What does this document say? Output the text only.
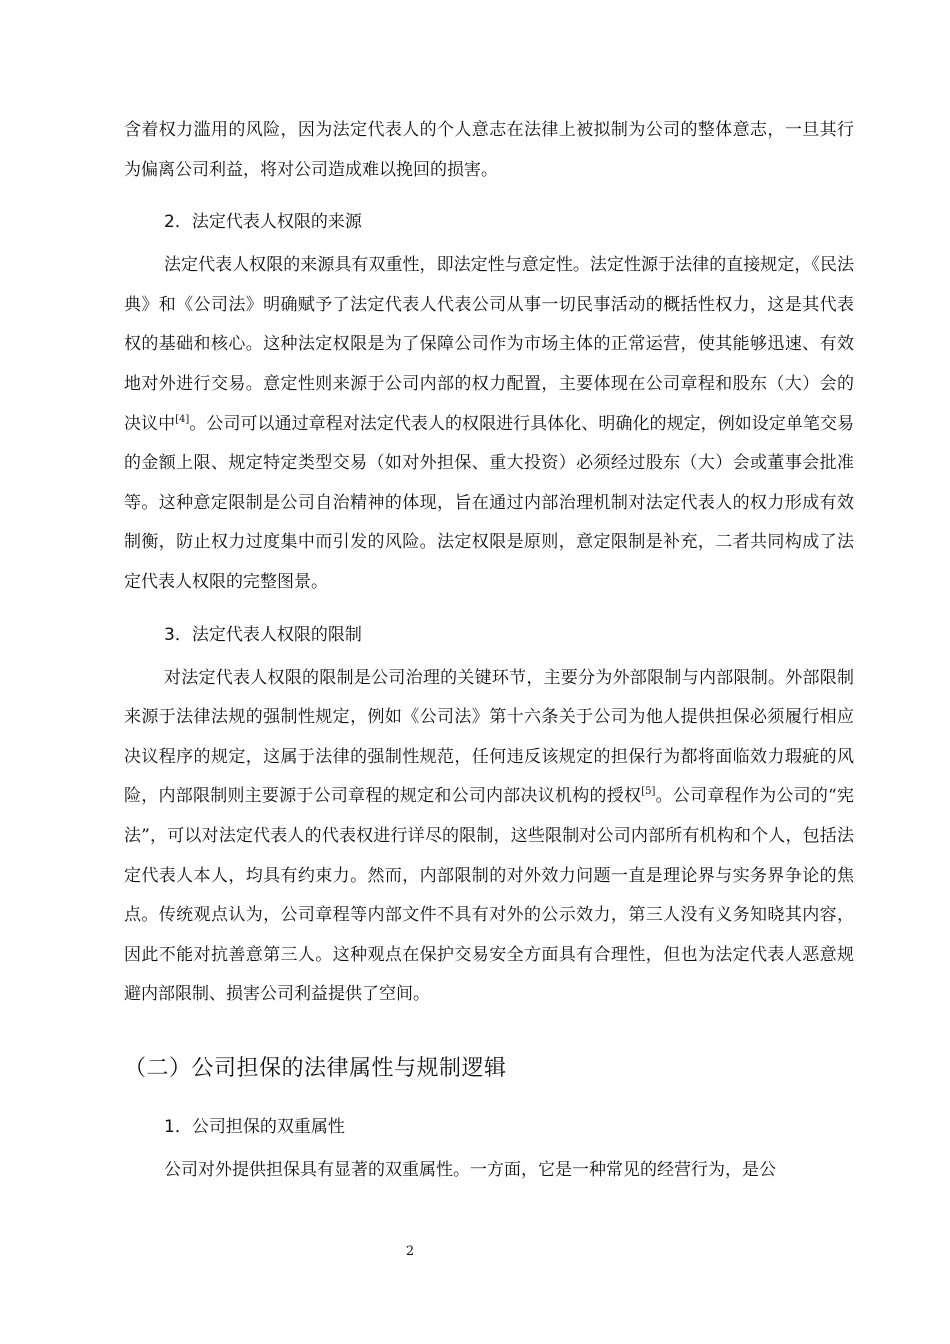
含着权力滥用的风险，因为法定代表人的个人意志在法律上被拟制为公司的整体意志，一旦其行为偏离公司利益，将对公司造成难以挽回的损害。

2．法定代表人权限的来源

法定代表人权限的来源具有双重性，即法定性与意定性。法定性源于法律的直接规定，《民法典》和《公司法》明确赋予了法定代表人代表公司从事一切民事活动的概括性权力，这是其代表权的基础和核心。这种法定权限是为了保障公司作为市场主体的正常运营，使其能够迅速、有效地对外进行交易。意定性则来源于公司内部的权力配置，主要体现在公司章程和股东（大）会的决议中[4]。公司可以通过章程对法定代表人的权限进行具体化、明确化的规定，例如设定单笔交易的金额上限、规定特定类型交易（如对外担保、重大投资）必须经过股东（大）会或董事会批准等。这种意定限制是公司自治精神的体现，旨在通过内部治理机制对法定代表人的权力形成有效制衡，防止权力过度集中而引发的风险。法定权限是原则，意定限制是补充，二者共同构成了法定代表人权限的完整图景。

3．法定代表人权限的限制

对法定代表人权限的限制是公司治理的关键环节，主要分为外部限制与内部限制。外部限制来源于法律法规的强制性规定，例如《公司法》第十六条关于公司为他人提供担保必须履行相应决议程序的规定，这属于法律的强制性规范，任何违反该规定的担保行为都将面临效力瑕疵的风险，内部限制则主要源于公司章程的规定和公司内部决议机构的授权[5]。公司章程作为公司的“宪法”，可以对法定代表人的代表权进行详尽的限制，这些限制对公司内部所有机构和个人，包括法定代表人本人，均具有约束力。然而，内部限制的对外效力问题一直是理论界与实务界争论的焦点。传统观点认为，公司章程等内部文件不具有对外的公示效力，第三人没有义务知晓其内容，因此不能对抗善意第三人。这种观点在保护交易安全方面具有合理性，但也为法定代表人恶意规避内部限制、损害公司利益提供了空间。

（二）公司担保的法律属性与规制逻辑
1．公司担保的双重属性

公司对外提供担保具有显著的双重属性。一方面，它是一种常见的经营行为，是公

2
